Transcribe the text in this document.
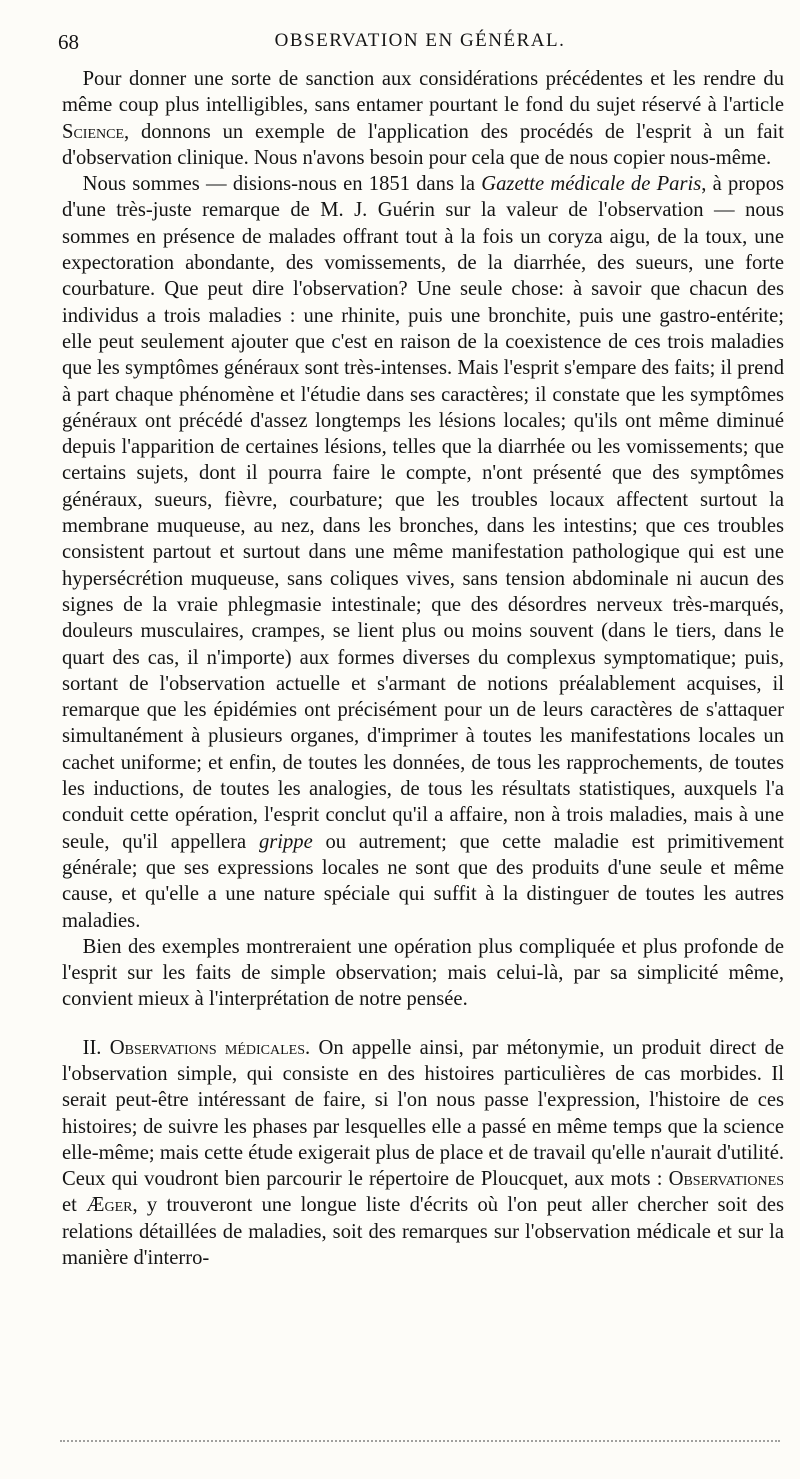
68	OBSERVATION EN GÉNÉRAL.

Pour donner une sorte de sanction aux considérations précédentes et les rendre du même coup plus intelligibles, sans entamer pourtant le fond du sujet réservé à l'article Science, donnons un exemple de l'application des procédés de l'esprit à un fait d'observation clinique. Nous n'avons besoin pour cela que de nous copier nous-même.

Nous sommes — disions-nous en 1851 dans la Gazette médicale de Paris, à propos d'une très-juste remarque de M. J. Guérin sur la valeur de l'observation — nous sommes en présence de malades offrant tout à la fois un coryza aigu, de la toux, une expectoration abondante, des vomissements, de la diarrhée, des sueurs, une forte courbature. Que peut dire l'observation? Une seule chose: à savoir que chacun des individus a trois maladies : une rhinite, puis une bronchite, puis une gastro-entérite; elle peut seulement ajouter que c'est en raison de la coexistence de ces trois maladies que les symptômes généraux sont très-intenses. Mais l'esprit s'empare des faits; il prend à part chaque phénomène et l'étudie dans ses caractères; il constate que les symptômes généraux ont précédé d'assez longtemps les lésions locales; qu'ils ont même diminué depuis l'apparition de certaines lésions, telles que la diarrhée ou les vomissements; que certains sujets, dont il pourra faire le compte, n'ont présenté que des symptômes généraux, sueurs, fièvre, courbature; que les troubles locaux affectent surtout la membrane muqueuse, au nez, dans les bronches, dans les intestins; que ces troubles consistent partout et surtout dans une même manifestation pathologique qui est une hypersécrétion muqueuse, sans coliques vives, sans tension abdominale ni aucun des signes de la vraie phlegmasie intestinale; que des désordres nerveux très-marqués, douleurs musculaires, crampes, se lient plus ou moins souvent (dans le tiers, dans le quart des cas, il n'importe) aux formes diverses du complexus symptomatique; puis, sortant de l'observation actuelle et s'armant de notions préalablement acquises, il remarque que les épidémies ont précisément pour un de leurs caractères de s'attaquer simultanément à plusieurs organes, d'imprimer à toutes les manifestations locales un cachet uniforme; et enfin, de toutes les données, de tous les rapprochements, de toutes les inductions, de toutes les analogies, de tous les résultats statistiques, auxquels l'a conduit cette opération, l'esprit conclut qu'il a affaire, non à trois maladies, mais à une seule, qu'il appellera grippe ou autrement; que cette maladie est primitivement générale; que ses expressions locales ne sont que des produits d'une seule et même cause, et qu'elle a une nature spéciale qui suffit à la distinguer de toutes les autres maladies.

Bien des exemples montreraient une opération plus compliquée et plus profonde de l'esprit sur les faits de simple observation; mais celui-là, par sa simplicité même, convient mieux à l'interprétation de notre pensée.

II. Observations médicales. On appelle ainsi, par métonymie, un produit direct de l'observation simple, qui consiste en des histoires particulières de cas morbides. Il serait peut-être intéressant de faire, si l'on nous passe l'expression, l'histoire de ces histoires; de suivre les phases par lesquelles elle a passé en même temps que la science elle-même; mais cette étude exigerait plus de place et de travail qu'elle n'aurait d'utilité. Ceux qui voudront bien parcourir le répertoire de Ploucquet, aux mots : Observationes et Æger, y trouveront une longue liste d'écrits où l'on peut aller chercher soit des relations détaillées de maladies, soit des remarques sur l'observation médicale et sur la manière d'interro-
